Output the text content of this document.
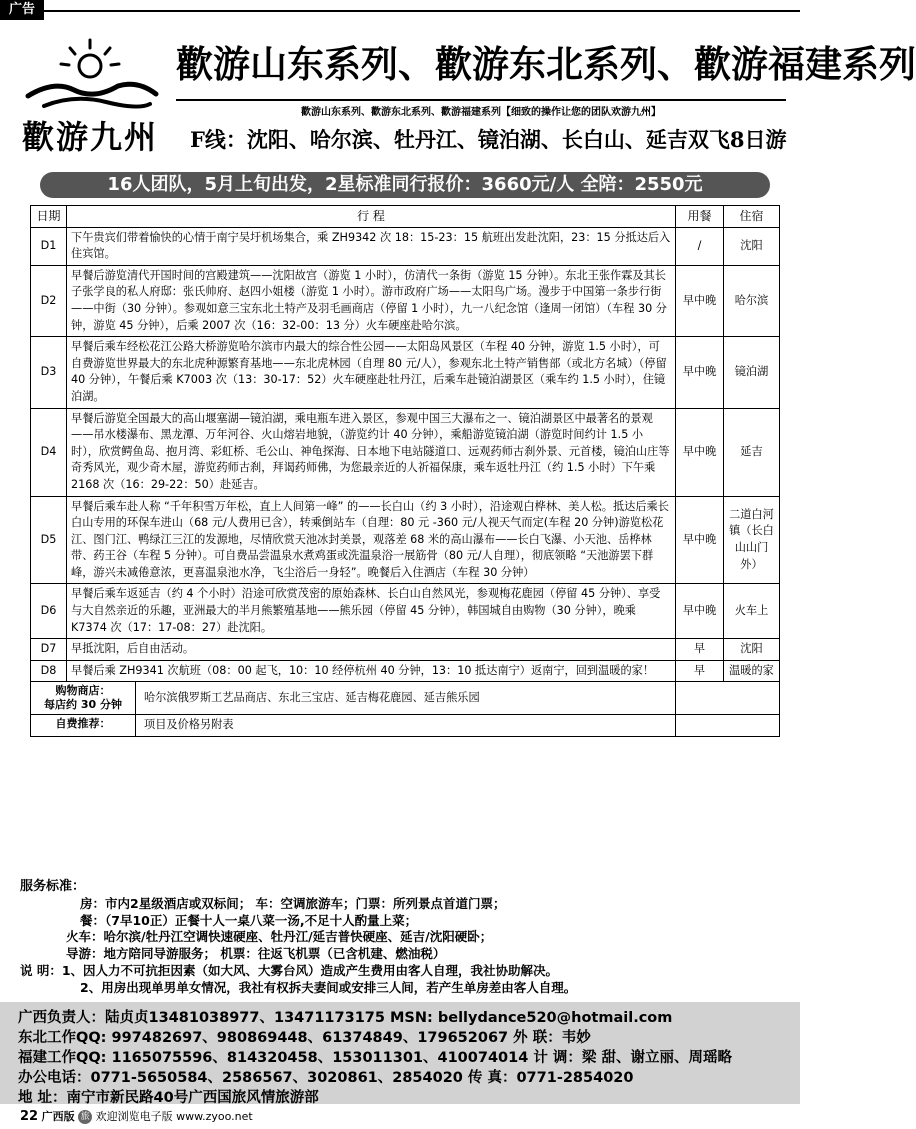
广告
歡游九州
歡游山东系列、歡游东北系列、歡游福建系列
歡游山东系列、歡游东北系列、歡游福建系列【细致的操作让您的团队欢游九州】
F线：沈阳、哈尔滨、牡丹江、镜泊湖、长白山、延吉双飞8日游
16人团队，5月上旬出发，2星标准同行报价：3660元/人 全陪：2550元
日期	行 程	用餐	住宿
D1	下午贵宾们带着愉快的心情于南宁吴圩机场集合，乘 ZH9342 次 18：15-23：15 航班出发赴沈阳，23：15 分抵达后入住宾馆。	/	沈阳
D2	早餐后游览清代开国时间的宫殿建筑——沈阳故宫（游览 1 小时），仿清代一条街（游览 15 分钟）。东北王张作霖及其长子张学良的私人府邸：张氏帅府、赵四小姐楼（游览 1 小时）。游市政府广场——太阳鸟广场。漫步于中国第一条步行街——中街（30 分钟）。参观如意三宝东北土特产及羽毛画商店（停留 1 小时），九一八纪念馆（逢周一闭馆）（车程 30 分钟，游览 45 分钟），后乘 2007 次（16：32-00：13 分）火车硬座赴哈尔滨。	早中晚	哈尔滨
D3	早餐后乘车经松花江公路大桥游览哈尔滨市内最大的综合性公园——太阳岛风景区（车程 40 分钟，游览 1.5 小时），可自费游览世界最大的东北虎种源繁育基地——东北虎林园（自理 80 元/人），参观东北土特产销售部（或北方名城）（停留 40 分钟），午餐后乘 K7003 次（13：30-17：52）火车硬座赴牡丹江，后乘车赴镜泊湖景区（乘车约 1.5 小时），住镜泊湖。	早中晚	镜泊湖
D4	早餐后游览全国最大的高山堰塞湖—镜泊湖，乘电瓶车进入景区，参观中国三大瀑布之一、镜泊湖景区中最著名的景观——吊水楼瀑布、黑龙潭、万年河谷、火山熔岩地貌，（游览约计 40 分钟），乘船游览镜泊湖（游览时间约计 1.5 小时），欣赏鳄鱼岛、抱月湾、彩虹桥、毛公山、神龟探海、日本地下电站隧道口、远观药师古刹外景、元首楼，镜泊山庄等奇秀风光，观少奇木屋，游览药师古刹，拜谒药师佛，为您最亲近的人祈福保康，乘车返牡丹江（约 1.5 小时）下午乘 2168 次（16：29-22：50）赴延吉。	早中晚	延吉
D5	早餐后乘车赴人称 “千年积雪万年松，直上人间第一峰” 的——长白山（约 3 小时），沿途观白桦林、美人松。抵达后乘长白山专用的环保车进山（68 元/人费用已含），转乘倒站车（自理：80 元 -360 元/人视天气而定(车程 20 分钟)游览松花江、图门江、鸭绿江三江的发源地，尽情欣赏天池冰封美景，观落差 68 米的高山瀑布——长白飞瀑、小天池、岳桦林带、药王谷（车程 5 分钟）。可自费品尝温泉水煮鸡蛋或洗温泉浴一展筋骨（80 元/人自理），彻底领略 “天池游罢下群峰，游兴未减倦意浓，更喜温泉池水净，飞尘浴后一身轻”。晚餐后入住酒店（车程 30 分钟）	早中晚	二道白河镇（长白山山门外）
D6	早餐后乘车返延吉（约 4 个小时）沿途可欣赏茂密的原始森林、长白山自然风光，参观梅花鹿园（停留 45 分钟）、享受与大自然亲近的乐趣，亚洲最大的半月熊繁殖基地——熊乐园（停留 45 分钟），韩国城自由购物（30 分钟），晚乘 K7374 次（17：17-08：27）赴沈阳。	早中晚	火车上
D7	早抵沈阳，后自由活动。	早	沈阳
D8	早餐后乘 ZH9341 次航班（08：00 起飞，10：10 经停杭州 40 分钟，13：10 抵达南宁）返南宁，回到温暖的家！	早	温暖的家

购物商店：
每店约 30 分钟
哈尔滨俄罗斯工艺品商店、东北三宝店、延吉梅花鹿园、延吉熊乐园			

自费推荐： 项目及价格另附表			

服务标准：
房：市内2星级酒店或双标间； 车：空调旅游车；门票：所列景点首道门票；
餐：（7早10正）正餐十人一桌八菜一汤,不足十人酌量上菜；
火车：哈尔滨/牡丹江空调快速硬座、牡丹江/延吉普快硬座、延吉/沈阳硬卧；
导游：地方陪同导游服务； 机票：往返飞机票（已含机建、燃油税）
说 明：1、因人力不可抗拒因素（如大风、大雾台风）造成产生费用由客人自理，我社协助解决。
2、用房出现单男单女情况，我社有权拆夫妻间或安排三人间，若产生单房差由客人自理。
广西负责人：陆贞贞13481038977、13471173175 MSN: bellydance520@hotmail.com
东北工作QQ: 997482697、980869448、61374849、179652067 外 联：韦妙
福建工作QQ: 1165075596、814320458、153011301、410074014 计 调：梁 甜、谢立丽、周瑶略
办公电话：0771-5650584、2586567、3020861、2854020 传 真：0771-2854020
地 址：南宁市新民路40号广西国旅风情旅游部
22 广西版 旅 欢迎浏览电子版 www.zyoo.net
